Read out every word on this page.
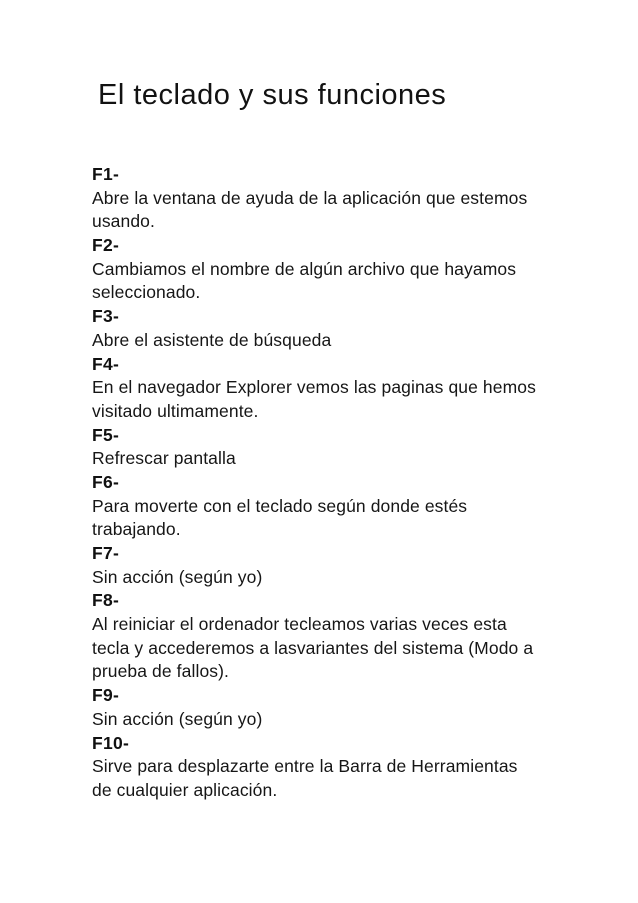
El teclado y sus funciones
F1-
Abre la ventana de ayuda de la aplicación que estemos
usando.
F2-
Cambiamos el nombre de algún archivo que hayamos
seleccionado.
F3-
Abre el asistente de búsqueda
F4-
En el navegador Explorer vemos las paginas que hemos
visitado ultimamente.
F5-
Refrescar pantalla
F6-
Para moverte con el teclado según donde estés
trabajando.
F7-
Sin acción (según yo)
F8-
Al reiniciar el ordenador tecleamos varias veces esta
tecla y accederemos a lasvariantes del sistema (Modo a
prueba de fallos).
F9-
Sin acción (según yo)
F10-
Sirve para desplazarte entre la Barra de Herramientas
de cualquier aplicación.
